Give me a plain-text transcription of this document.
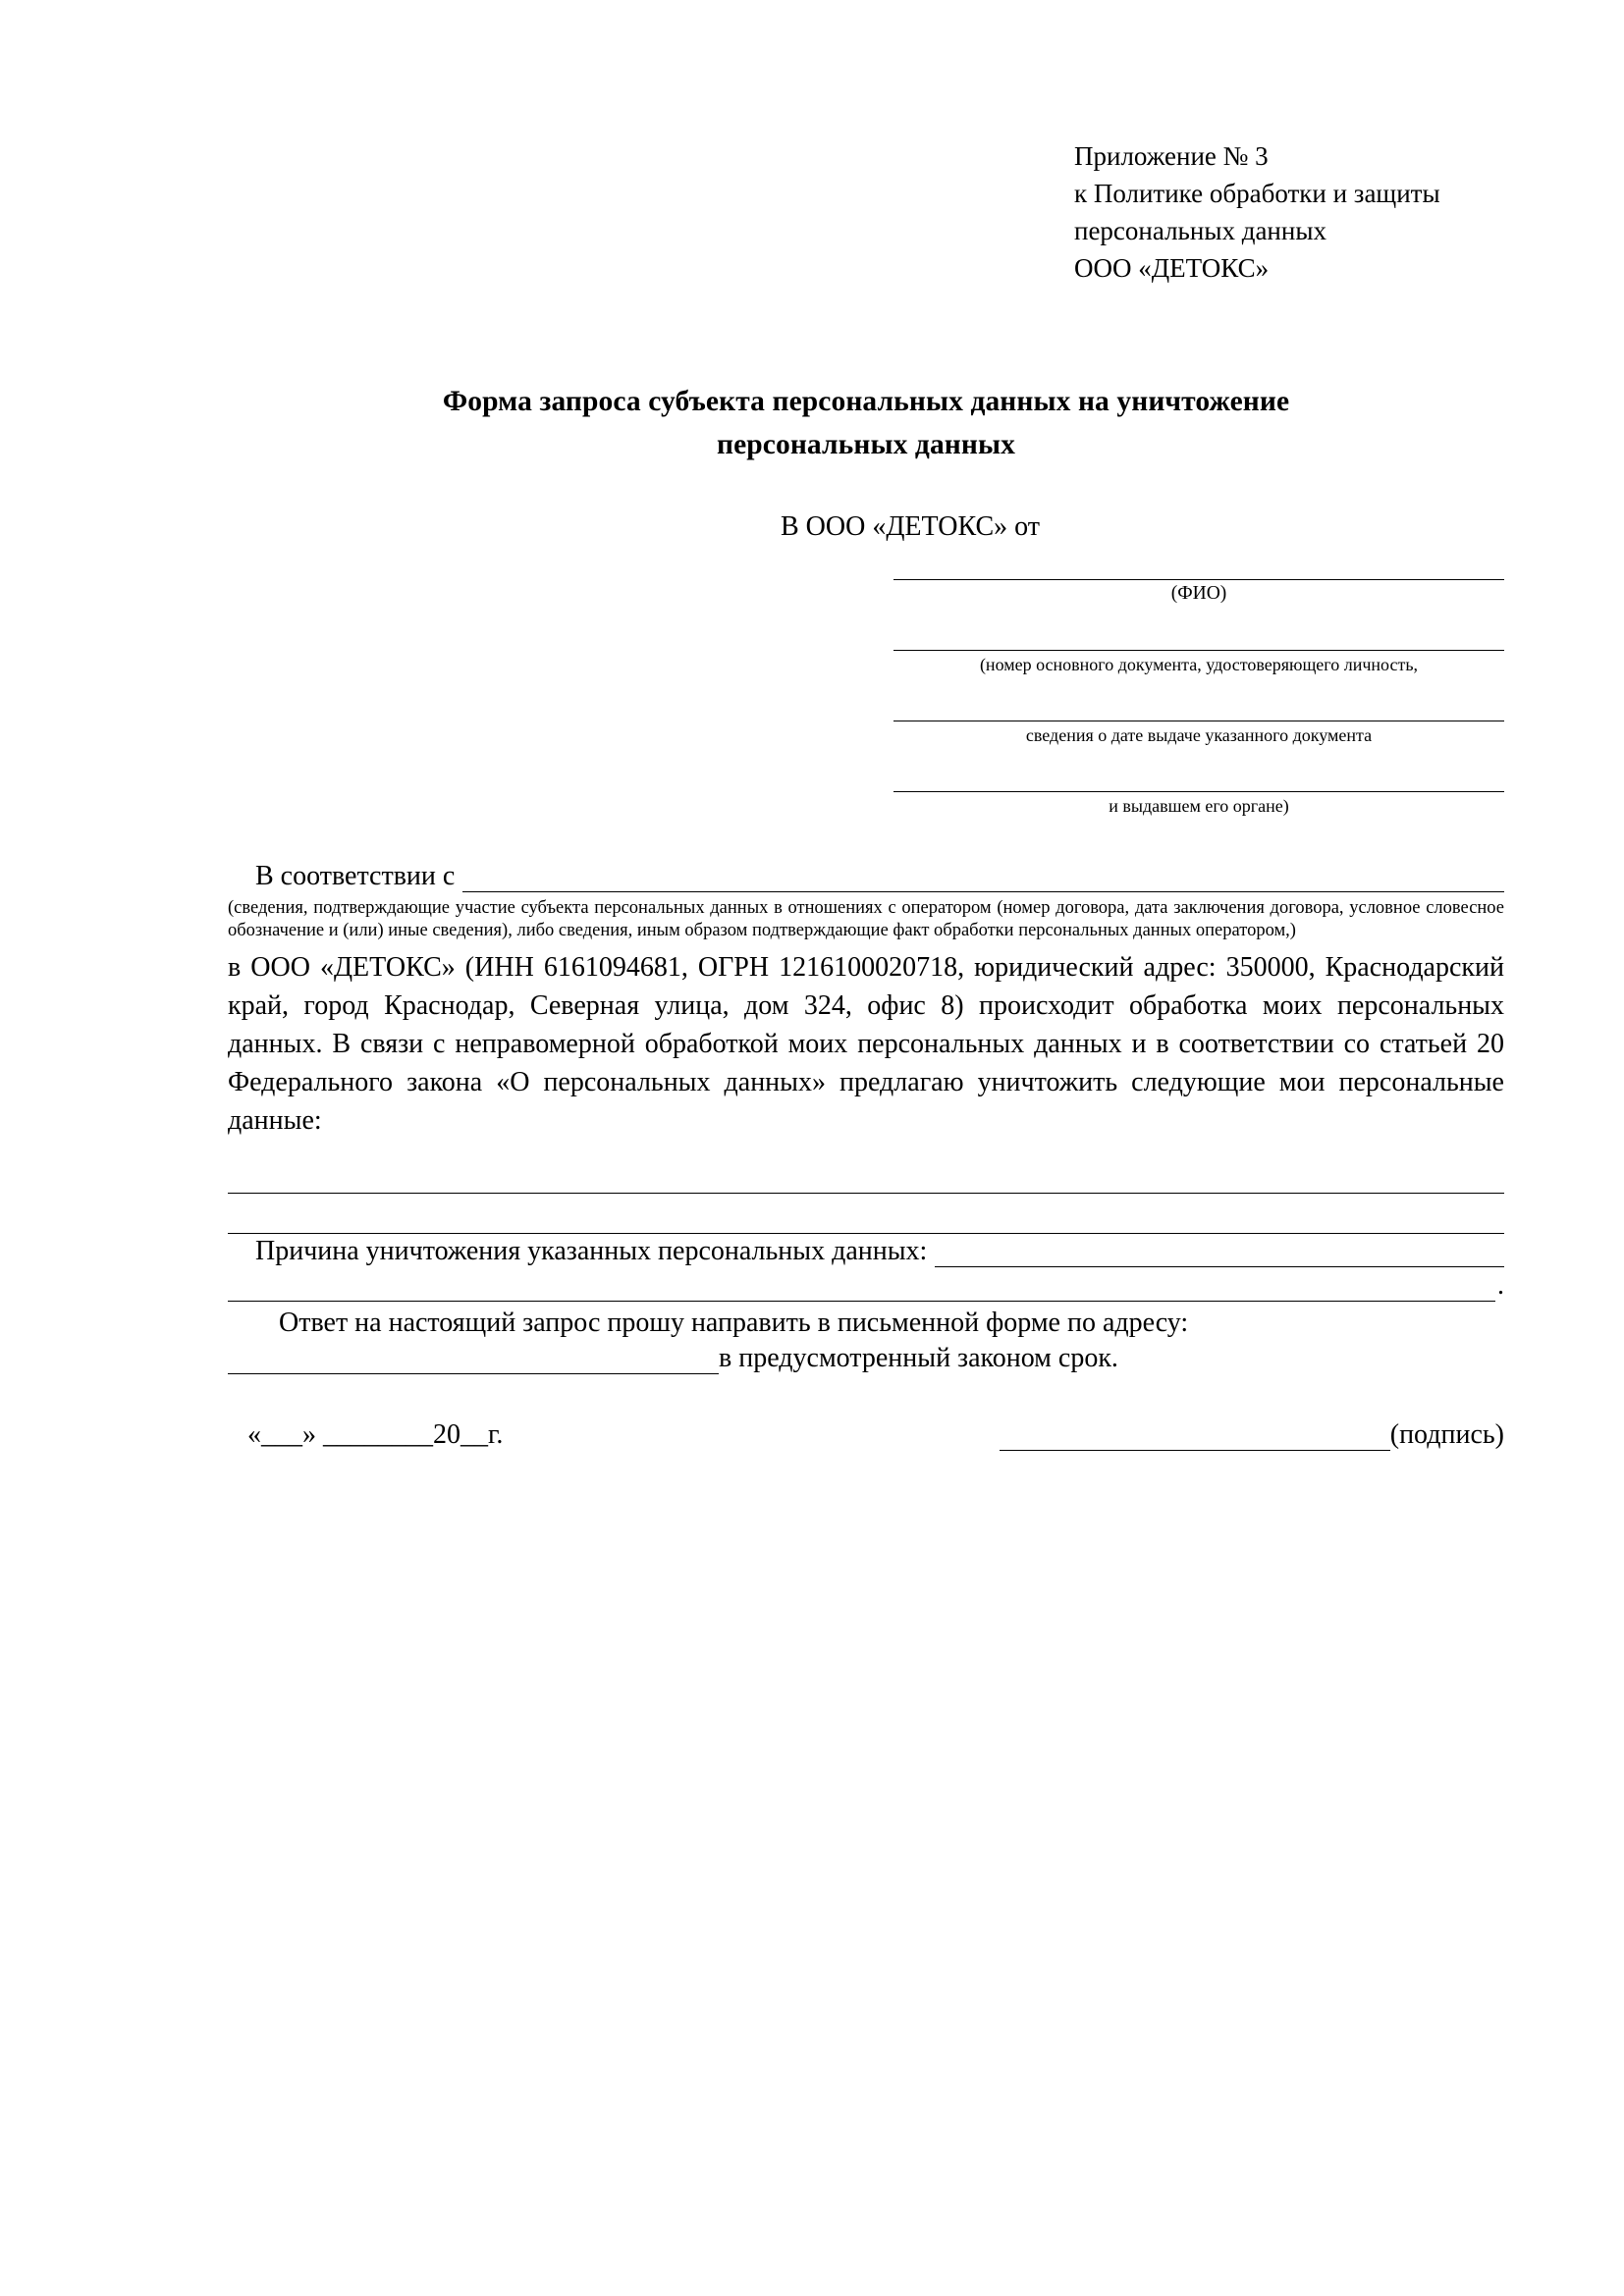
Приложение № 3
к Политике обработки и защиты
персональных данных
ООО «ДЕТОКС»
Форма запроса субъекта персональных данных на уничтожение
персональных данных
В ООО «ДЕТОКС» от
(ФИО)
(номер основного документа, удостоверяющего личность,
сведения о дате выдаче указанного документа
и выдавшем его органе)
В соответствии с
(сведения, подтверждающие участие субъекта персональных данных в отношениях с оператором (номер договора, дата заключения договора, условное словесное обозначение и (или) иные сведения), либо сведения, иным образом подтверждающие факт обработки персональных данных оператором,)
в ООО «ДЕТОКС» (ИНН 6161094681, ОГРН 1216100020718, юридический адрес: 350000, Краснодарский край, город Краснодар, Северная улица, дом 324, офис 8) происходит обработка моих персональных данных. В связи с неправомерной обработкой моих персональных данных и в соответствии со статьей 20 Федерального закона «О персональных данных» предлагаю уничтожить следующие мои персональные данные:
Причина уничтожения указанных персональных данных:
.
Ответ на настоящий запрос прошу направить в письменной форме по адресу:
в предусмотренный законом срок.
«___» ________20__г.	(подпись)
